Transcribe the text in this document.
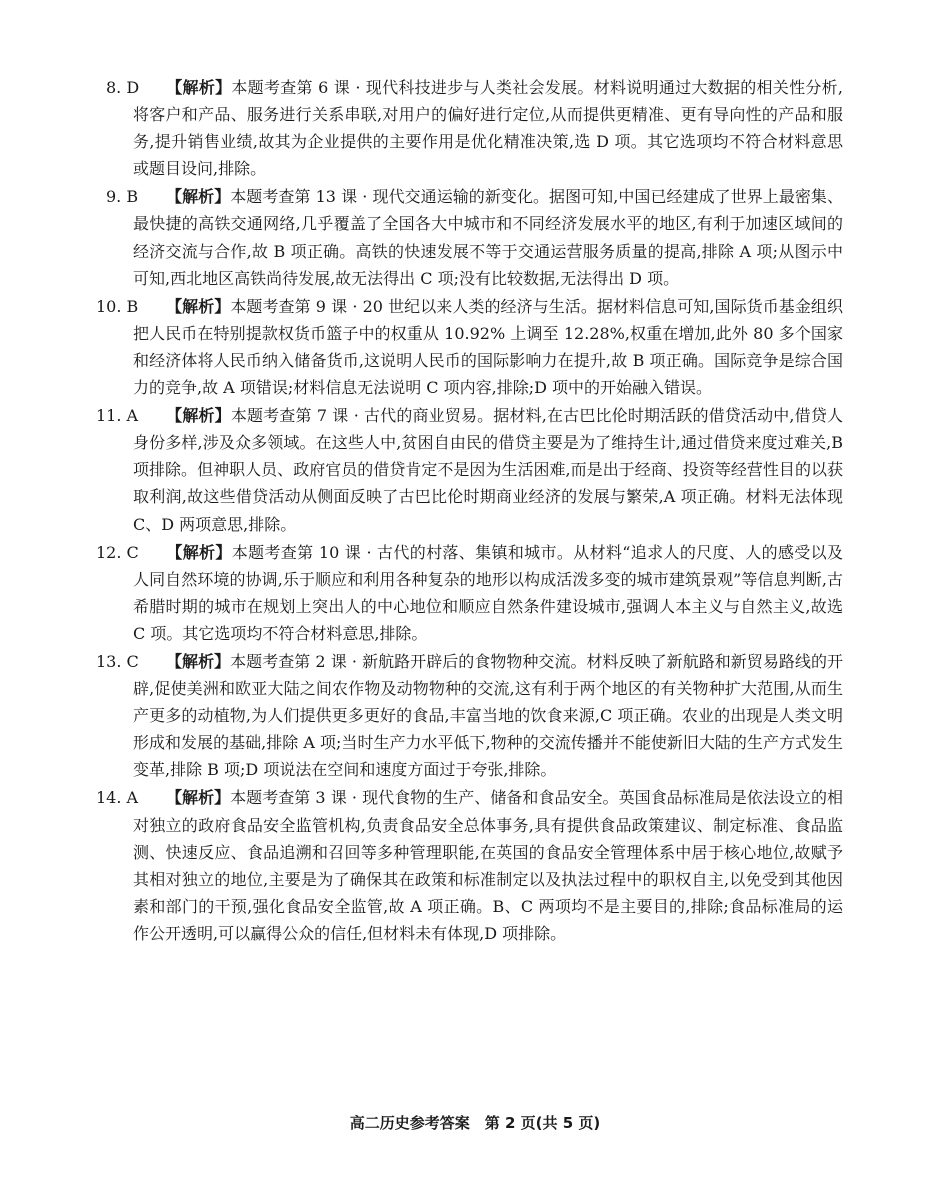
8. D 【解析】本题考查第 6 课 · 现代科技进步与人类社会发展。材料说明通过大数据的相关性分析,将客户和产品、服务进行关系串联,对用户的偏好进行定位,从而提供更精准、更有导向性的产品和服务,提升销售业绩,故其为企业提供的主要作用是优化精准决策,选 D 项。其它选项均不符合材料意思或题目设问,排除。
9. B 【解析】本题考查第 13 课 · 现代交通运输的新变化。据图可知,中国已经建成了世界上最密集、最快捷的高铁交通网络,几乎覆盖了全国各大中城市和不同经济发展水平的地区,有利于加速区域间的经济交流与合作,故 B 项正确。高铁的快速发展不等于交通运营服务质量的提高,排除 A 项;从图示中可知,西北地区高铁尚待发展,故无法得出 C 项;没有比较数据,无法得出 D 项。
10. B 【解析】本题考查第 9 课 · 20 世纪以来人类的经济与生活。据材料信息可知,国际货币基金组织把人民币在特别提款权货币篮子中的权重从 10.92% 上调至 12.28%,权重在增加,此外 80 多个国家和经济体将人民币纳入储备货币,这说明人民币的国际影响力在提升,故 B 项正确。国际竞争是综合国力的竞争,故 A 项错误;材料信息无法说明 C 项内容,排除;D 项中的开始融入错误。
11. A 【解析】本题考查第 7 课 · 古代的商业贸易。据材料,在古巴比伦时期活跃的借贷活动中,借贷人身份多样,涉及众多领域。在这些人中,贫困自由民的借贷主要是为了维持生计,通过借贷来度过难关,B 项排除。但神职人员、政府官员的借贷肯定不是因为生活困难,而是出于经商、投资等经营性目的以获取利润,故这些借贷活动从侧面反映了古巴比伦时期商业经济的发展与繁荣,A 项正确。材料无法体现 C、D 两项意思,排除。
12. C 【解析】本题考查第 10 课 · 古代的村落、集镇和城市。从材料“追求人的尺度、人的感受以及人同自然环境的协调,乐于顺应和利用各种复杂的地形以构成活泼多变的城市建筑景观”等信息判断,古希腊时期的城市在规划上突出人的中心地位和顺应自然条件建设城市,强调人本主义与自然主义,故选 C 项。其它选项均不符合材料意思,排除。
13. C 【解析】本题考查第 2 课 · 新航路开辟后的食物物种交流。材料反映了新航路和新贸易路线的开辟,促使美洲和欧亚大陆之间农作物及动物物种的交流,这有利于两个地区的有关物种扩大范围,从而生产更多的动植物,为人们提供更多更好的食品,丰富当地的饮食来源,C 项正确。农业的出现是人类文明形成和发展的基础,排除 A 项;当时生产力水平低下,物种的交流传播并不能使新旧大陆的生产方式发生变革,排除 B 项;D 项说法在空间和速度方面过于夸张,排除。
14. A 【解析】本题考查第 3 课 · 现代食物的生产、储备和食品安全。英国食品标准局是依法设立的相对独立的政府食品安全监管机构,负责食品安全总体事务,具有提供食品政策建议、制定标准、食品监测、快速反应、食品追溯和召回等多种管理职能,在英国的食品安全管理体系中居于核心地位,故赋予其相对独立的地位,主要是为了确保其在政策和标准制定以及执法过程中的职权自主,以免受到其他因素和部门的干预,强化食品安全监管,故 A 项正确。B、C 两项均不是主要目的,排除;食品标准局的运作公开透明,可以赢得公众的信任,但材料未有体现,D 项排除。
高二历史参考答案　第 2 页(共 5 页)
